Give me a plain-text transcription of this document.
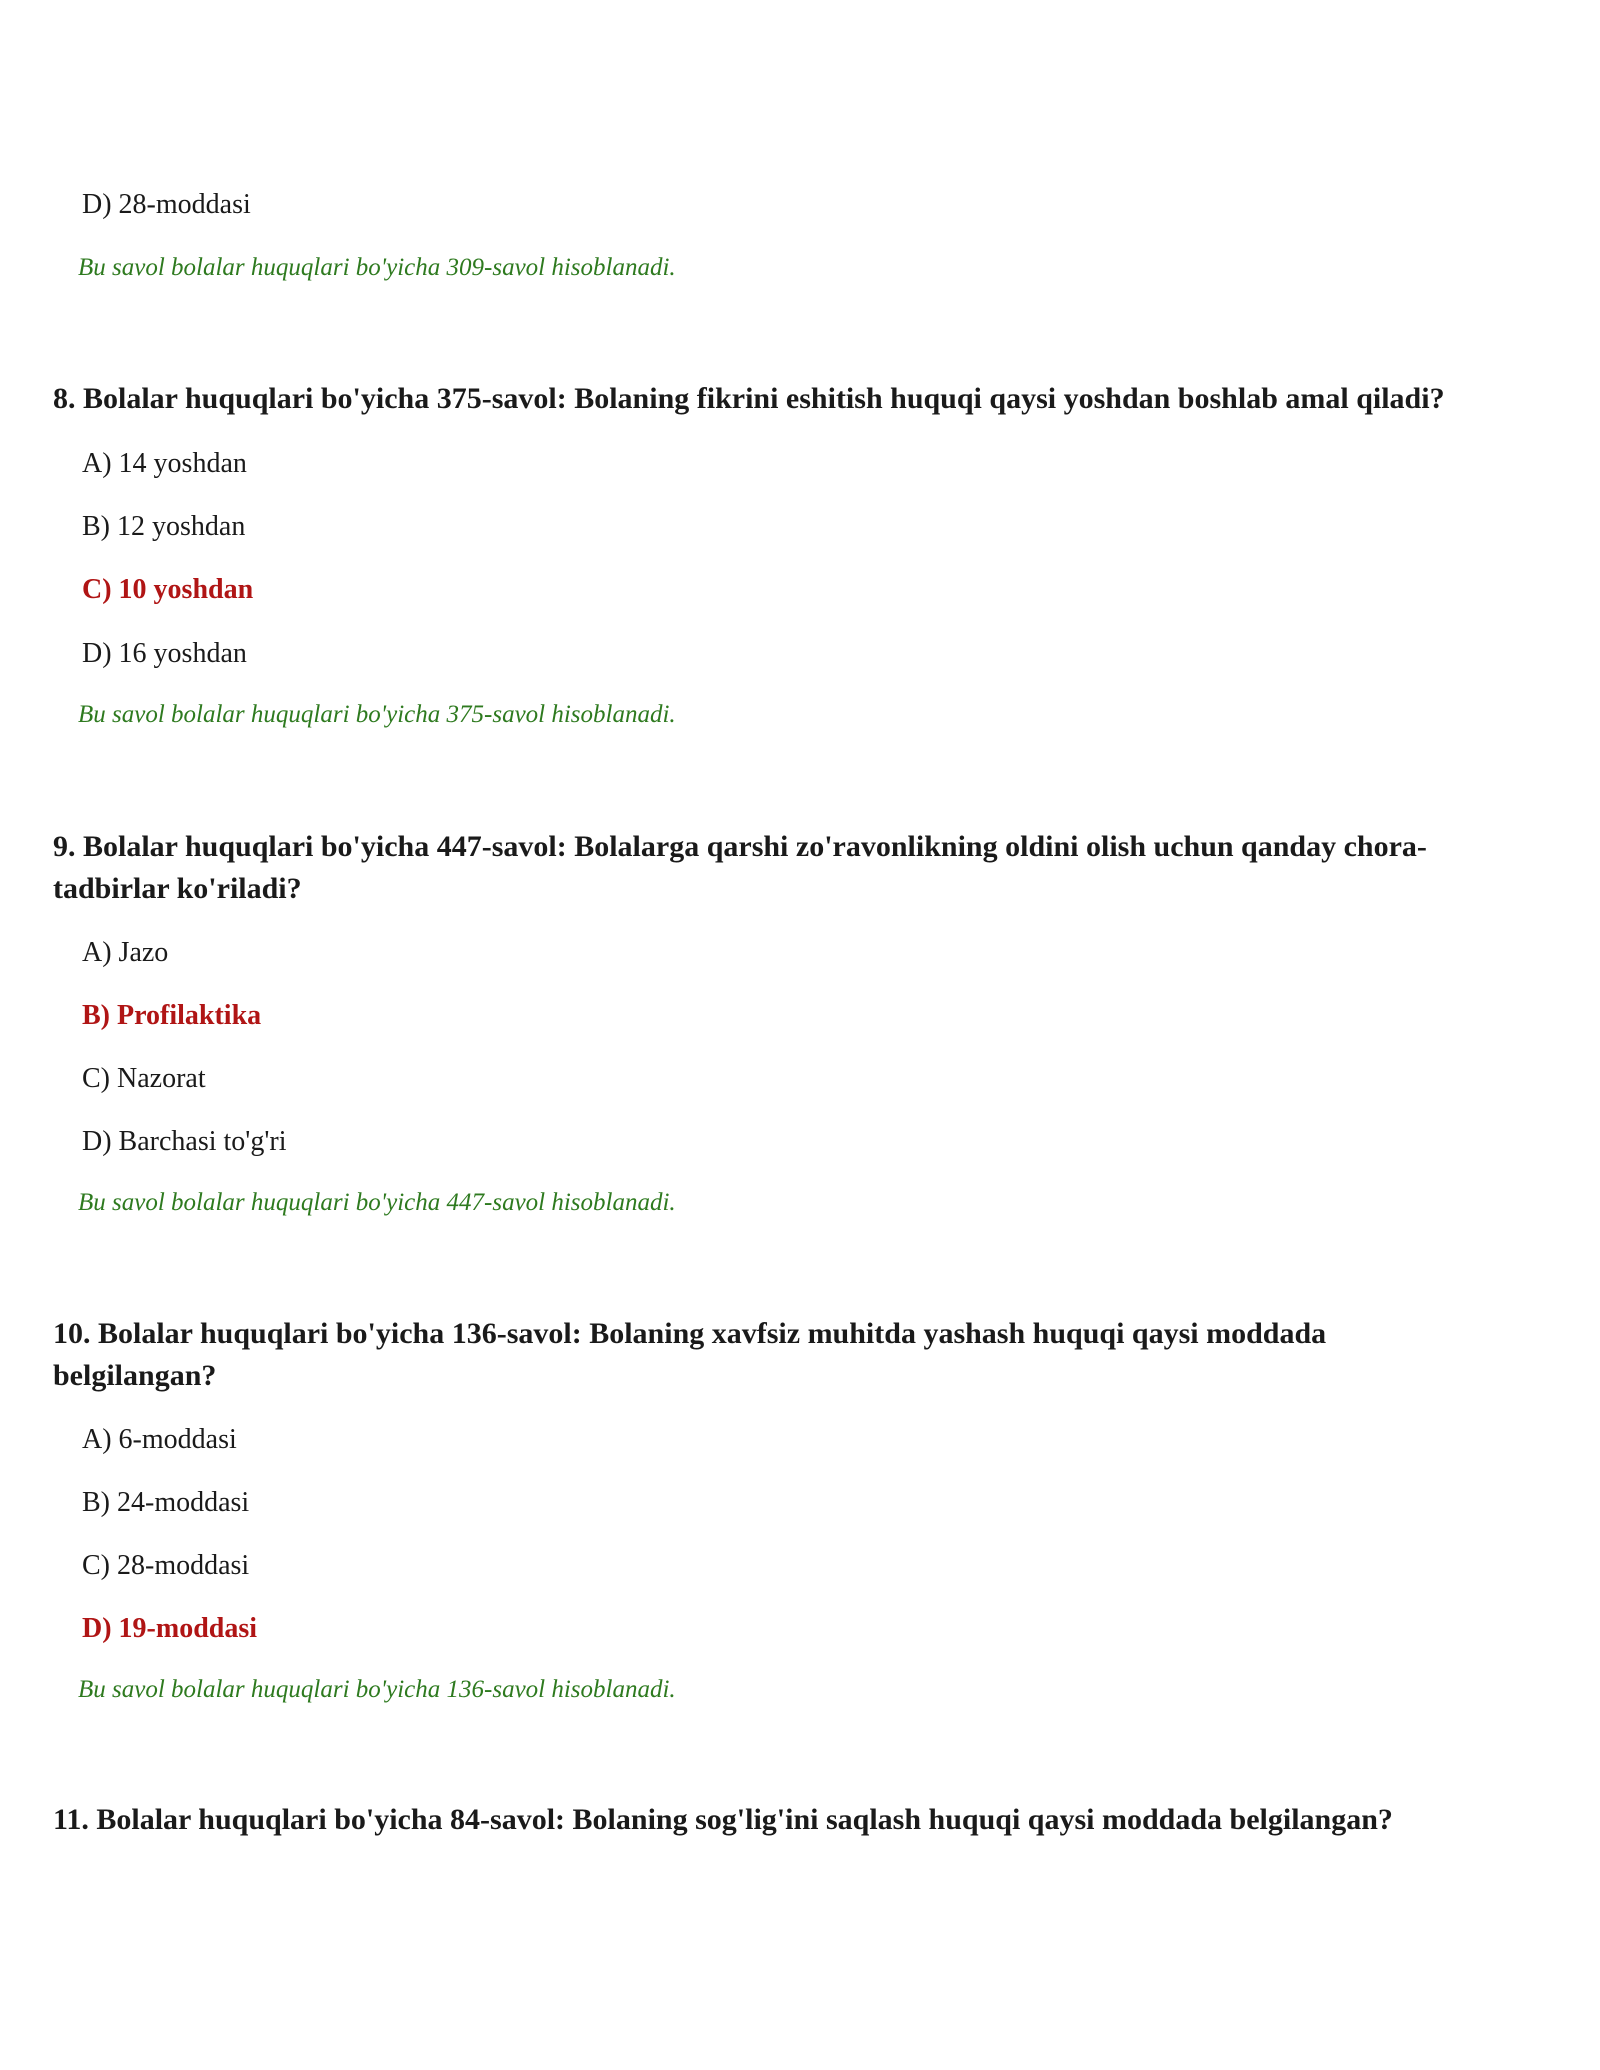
D) 28-moddasi
Bu savol bolalar huquqlari bo'yicha 309-savol hisoblanadi.
8. Bolalar huquqlari bo'yicha 375-savol: Bolaning fikrini eshitish huquqi qaysi yoshdan boshlab amal qiladi?
A) 14 yoshdan
B) 12 yoshdan
C) 10 yoshdan
D) 16 yoshdan
Bu savol bolalar huquqlari bo'yicha 375-savol hisoblanadi.
9. Bolalar huquqlari bo'yicha 447-savol: Bolalarga qarshi zo'ravonlikning oldini olish uchun qanday chora-
tadbirlar ko'riladi?
A) Jazo
B) Profilaktika
C) Nazorat
D) Barchasi to'g'ri
Bu savol bolalar huquqlari bo'yicha 447-savol hisoblanadi.
10. Bolalar huquqlari bo'yicha 136-savol: Bolaning xavfsiz muhitda yashash huquqi qaysi moddada
belgilangan?
A) 6-moddasi
B) 24-moddasi
C) 28-moddasi
D) 19-moddasi
Bu savol bolalar huquqlari bo'yicha 136-savol hisoblanadi.
11. Bolalar huquqlari bo'yicha 84-savol: Bolaning sog'lig'ini saqlash huquqi qaysi moddada belgilangan?
